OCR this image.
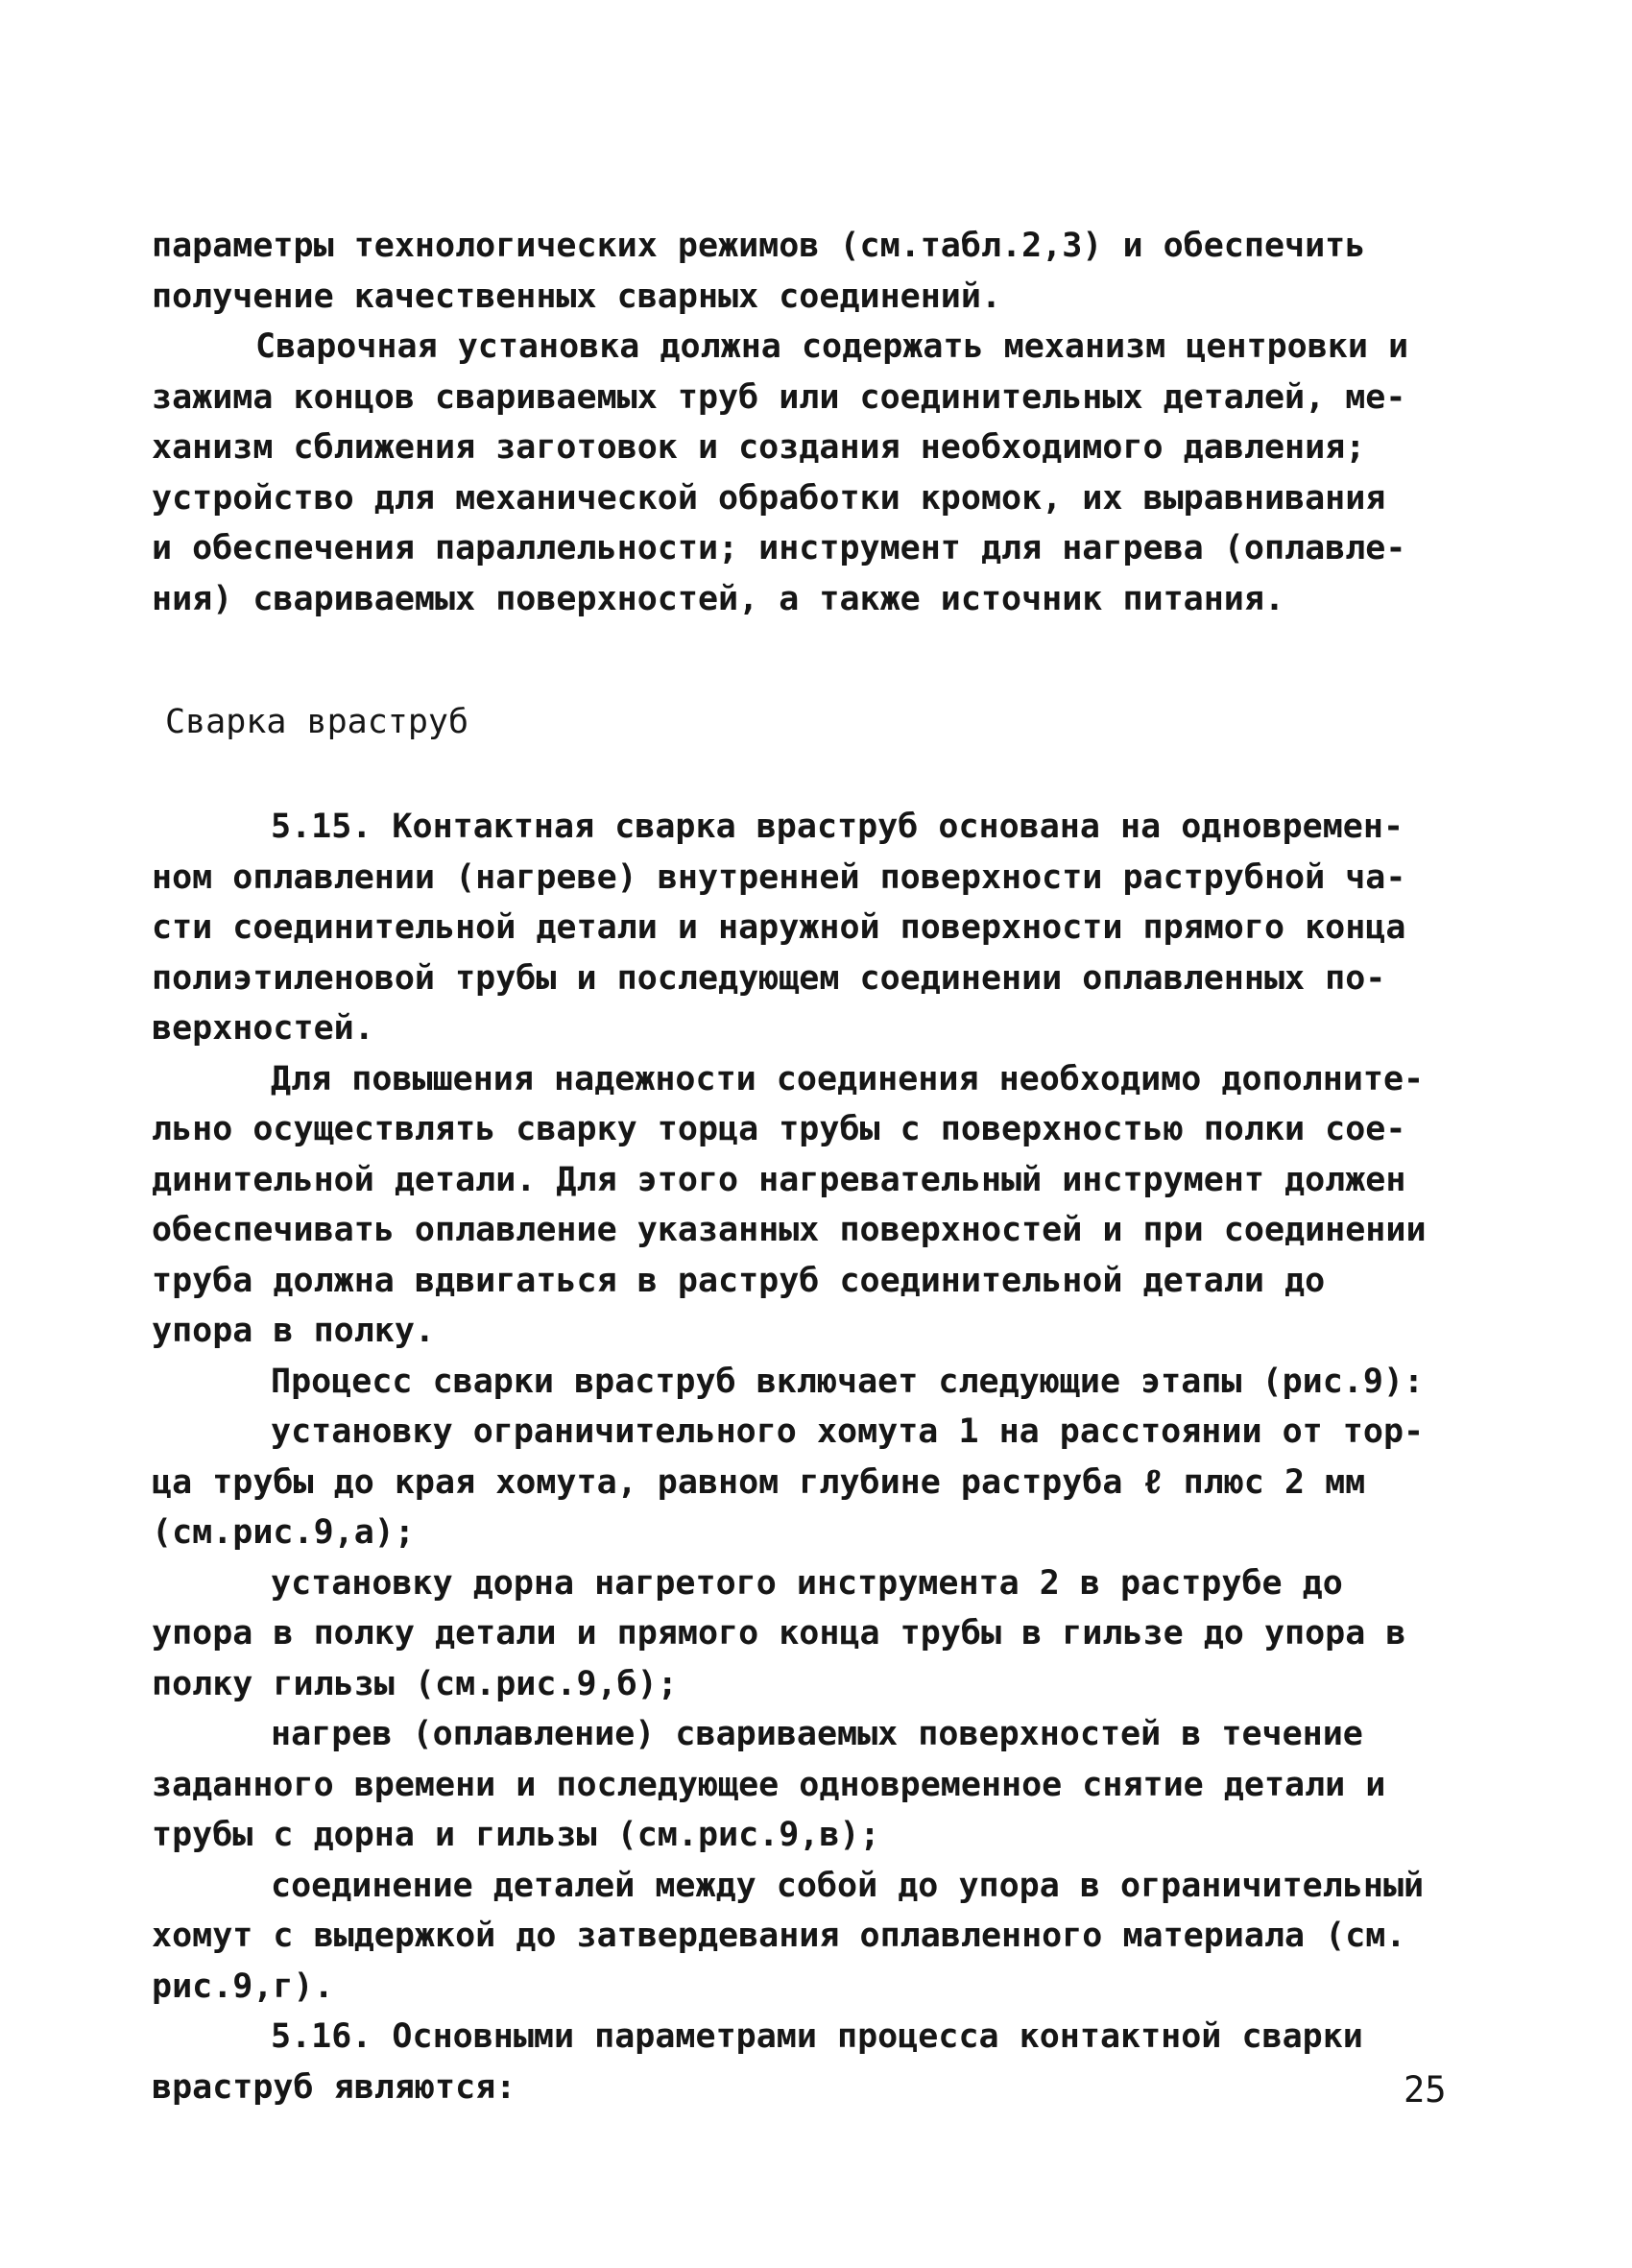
параметры технологических режимов (см.табл.2,3) и обеспечить
получение качественных сварных соединений.

Сварочная установка должна содержать механизм центровки и
зажима концов свариваемых труб или соединительных деталей, ме-
ханизм сближения заготовок и создания необходимого давления;
устройство для механической обработки кромок, их выравнивания
и обеспечения параллельности; инструмент для нагрева (оплавле-
ния) свариваемых поверхностей, а также источник питания.

Сварка враструб

5.15. Контактная сварка враструб основана на одновремен-
ном оплавлении (нагреве) внутренней поверхности раструбной ча-
сти соединительной детали и наружной поверхности прямого конца
полиэтиленовой трубы и последующем соединении оплавленных по-
верхностей.

Для повышения надежности соединения необходимо дополните-
льно осуществлять сварку торца трубы с поверхностью полки сое-
динительной детали. Для этого нагревательный инструмент должен
обеспечивать оплавление указанных поверхностей и при соединении
труба должна вдвигаться в раструб соединительной детали до
упора в полку.

Процесс сварки враструб включает следующие этапы (рис.9):

установку ограничительного хомута 1 на расстоянии от тор-
ца трубы до края хомута, равном глубине раструба ℓ плюс 2 мм
(см.рис.9,а);

установку дорна нагретого инструмента 2 в раструбе до
упора в полку детали и прямого конца трубы в гильзе до упора в
полку гильзы (см.рис.9,б);

нагрев (оплавление) свариваемых поверхностей в течение
заданного времени и последующее одновременное снятие детали и
трубы с дорна и гильзы (см.рис.9,в);

соединение деталей между собой до упора в ограничительный
хомут с выдержкой до затвердевания оплавленного материала (см.
рис.9,г).

5.16. Основными параметрами процесса контактной сварки
враструб являются:	25
